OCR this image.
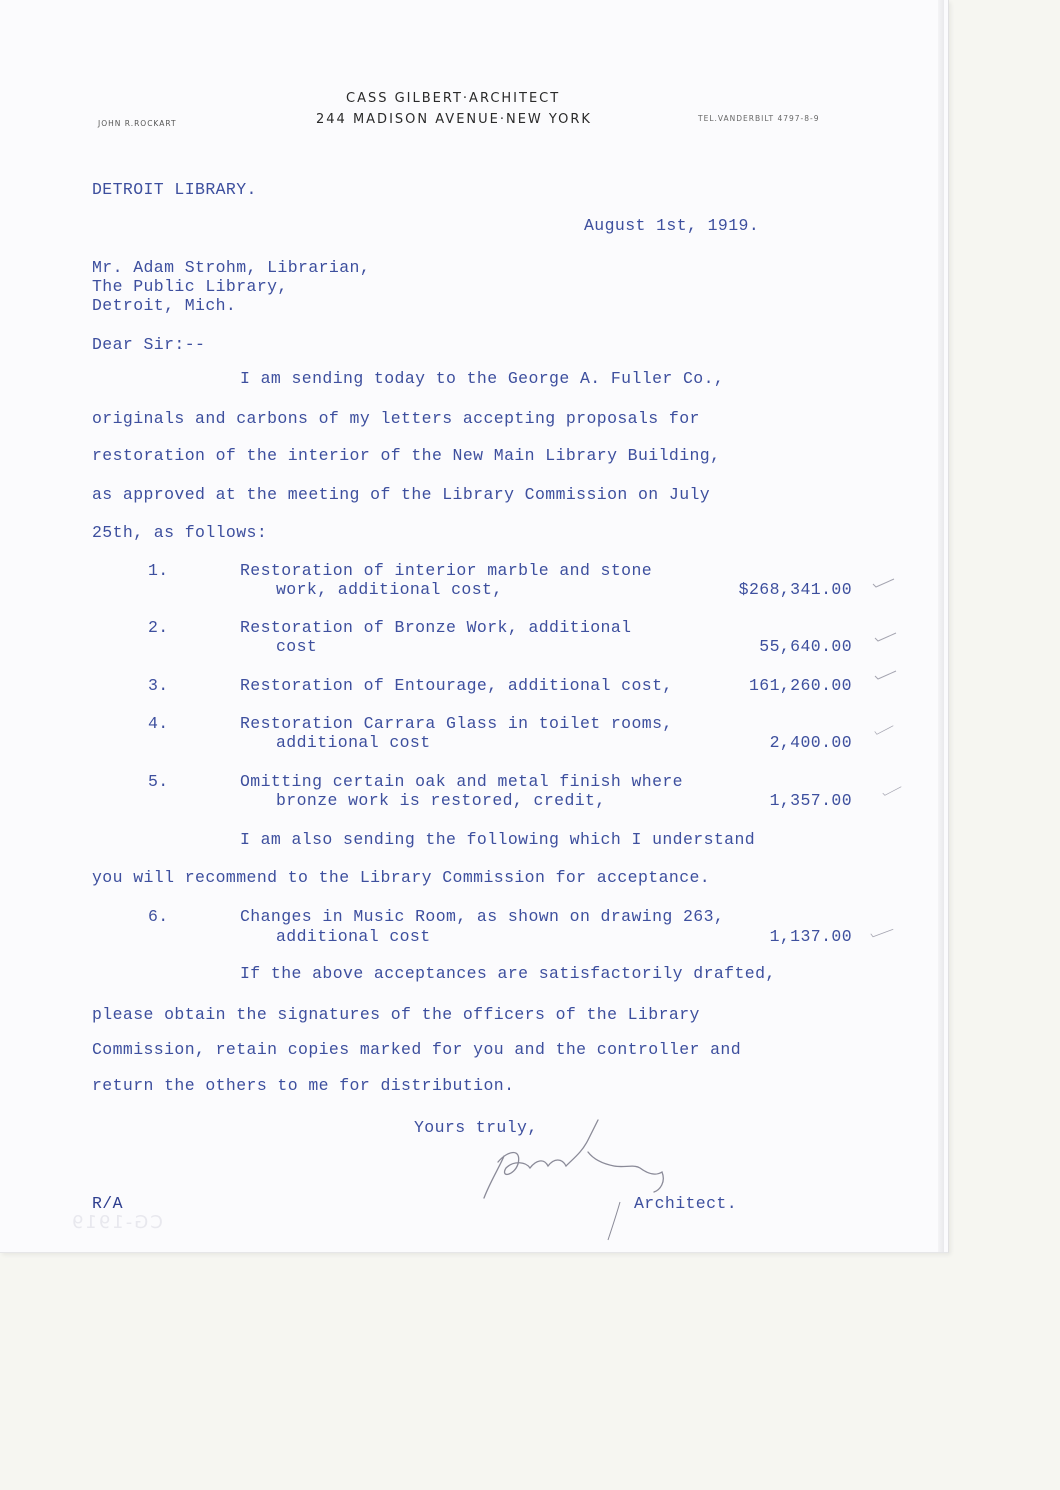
CASS GILBERT·ARCHITECT
244 MADISON AVENUE·NEW YORK
JOHN R.ROCKART
TEL.VANDERBILT 4797-8-9
DETROIT LIBRARY.
August 1st, 1919.
Mr. Adam Strohm, Librarian,
The Public Library,
Detroit, Mich.
Dear Sir:--
I am sending today to the George A. Fuller Co.,
originals and carbons of my letters accepting proposals for
restoration of the interior of the New Main Library Building,
as approved at the meeting of the Library Commission on July
25th, as follows:
1.	Restoration of interior marble and stone
work, additional cost,	$268,341.00
2.	Restoration of Bronze Work, additional
cost	55,640.00
3.	Restoration of Entourage, additional cost,	161,260.00
4.	Restoration Carrara Glass in toilet rooms,
additional cost	2,400.00
5.	Omitting certain oak and metal finish where
bronze work is restored, credit,	1,357.00
I am also sending the following which I understand
you will recommend to the Library Commission for acceptance.
6.	Changes in Music Room, as shown on drawing 263,
additional cost	1,137.00
If the above acceptances are satisfactorily drafted,
please obtain the signatures of the officers of the Library
Commission, retain copies marked for you and the controller and
return the others to me for distribution.
Yours truly,
Architect.
R/A
CG-1919
